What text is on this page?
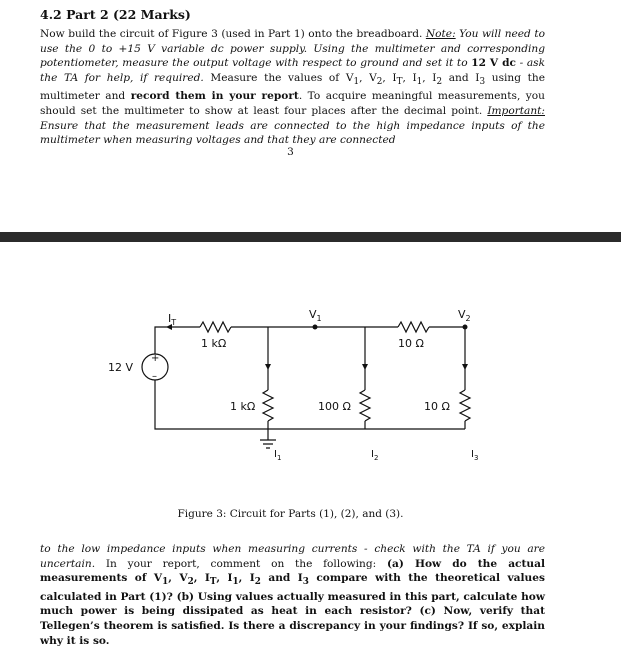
4.2 Part 2 (22 Marks)
Now build the circuit of Figure 3 (used in Part 1) onto the breadboard. Note: You will need to use the 0 to +15 V variable dc power supply. Using the multimeter and corresponding potentiometer, measure the output voltage with respect to ground and set it to 12 V dc - ask the TA for help, if required. Measure the values of $V_1$, $V_2$, $I_T$, $I_1$, $I_2$ and $I_3$ using the multimeter and record them in your report. To acquire meaningful measurements, you should set the multimeter to show at least four places after the decimal point. Important: Ensure that the measurement leads are connected to the high impedance inputs of the multimeter when measuring voltages and that they are connected
3
+
–
12 V
$I_T$
1 kΩ	10 Ω
$V_1$	$V_2$
1 kΩ	100 Ω	10 Ω
$I_1$	$I_2$	$I_3$
Figure 3: Circuit for Parts (1), (2), and (3).
to the low impedance inputs when measuring currents - check with the TA if you are uncertain. In your report, comment on the following: (a) How do the actual measurements of $V_1$, $V_2$, $I_T$, $I_1$, $I_2$ and $I_3$ compare with the theoretical values calculated in Part (1)? (b) Using values actually measured in this part, calculate how much power is being dissipated as heat in each resistor? (c) Now, verify that Tellegen’s theorem is satisfied. Is there a discrepancy in your findings? If so, explain why it is so.
